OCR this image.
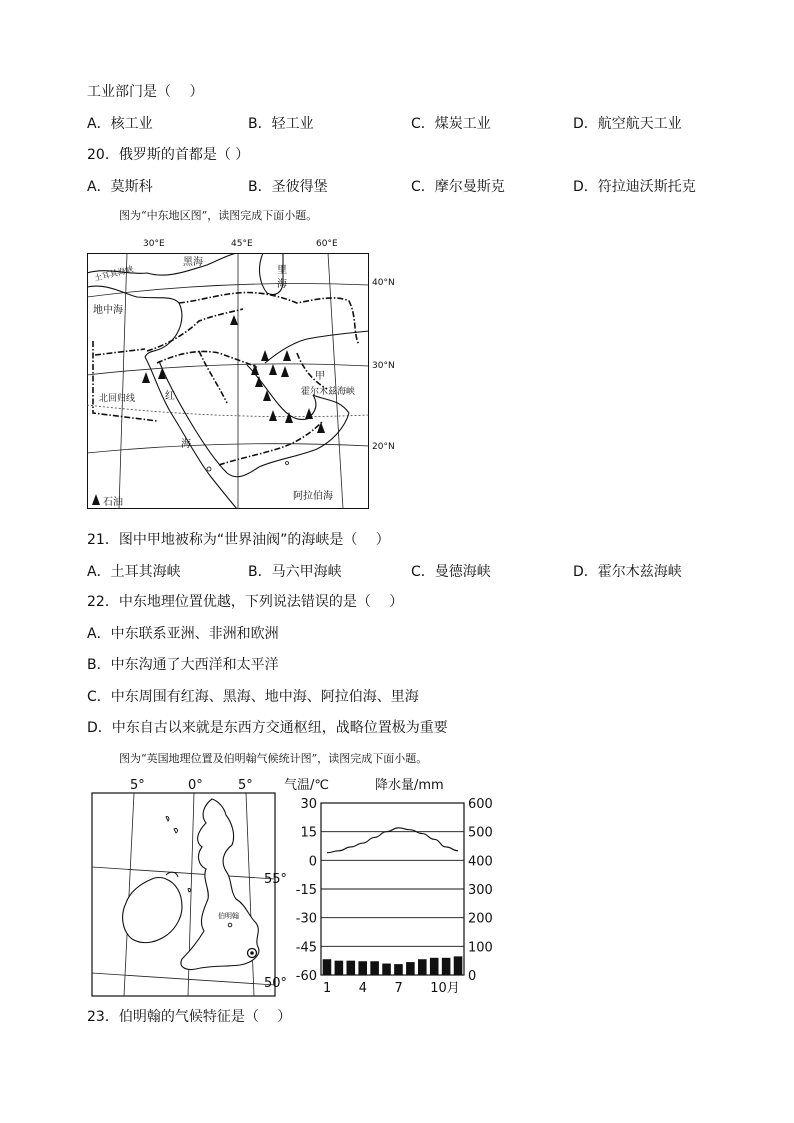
工业部门是（　 ）
A．核工业	B．轻工业	C．煤炭工业	D．航空航天工业
20．俄罗斯的首都是（ ）
A．莫斯科	B．圣彼得堡	C．摩尔曼斯克	D．符拉迪沃斯托克
图为“中东地区图”，读图完成下面小题。
黑海
里
海
土耳其海峡
地中海
北回归线	红
海
甲
霍尔木兹海峡
阿拉伯海
石油
30°E	45°E	60°E
40°N
30°N
20°N
21．图中甲地被称为“世界油阀”的海峡是（　 ）
A．土耳其海峡	B．马六甲海峡	C．曼德海峡	D．霍尔木兹海峡
22．中东地理位置优越，下列说法错误的是（　 ）
A．中东联系亚洲、非洲和欧洲
B．中东沟通了大西洋和太平洋
C．中东周围有红海、黑海、地中海、阿拉伯海、里海
D．中东自古以来就是东西方交通枢纽，战略位置极为重要
图为“英国地理位置及伯明翰气候统计图”，读图完成下面小题。
伯明翰
5°	0°	5°
55°
50°
气温/℃	降水量/mm
30
15
0
-15
-30
-45
-60
600
500
400
300
200
100
0
1 4 7 10月
23．伯明翰的气候特征是（　 ）
